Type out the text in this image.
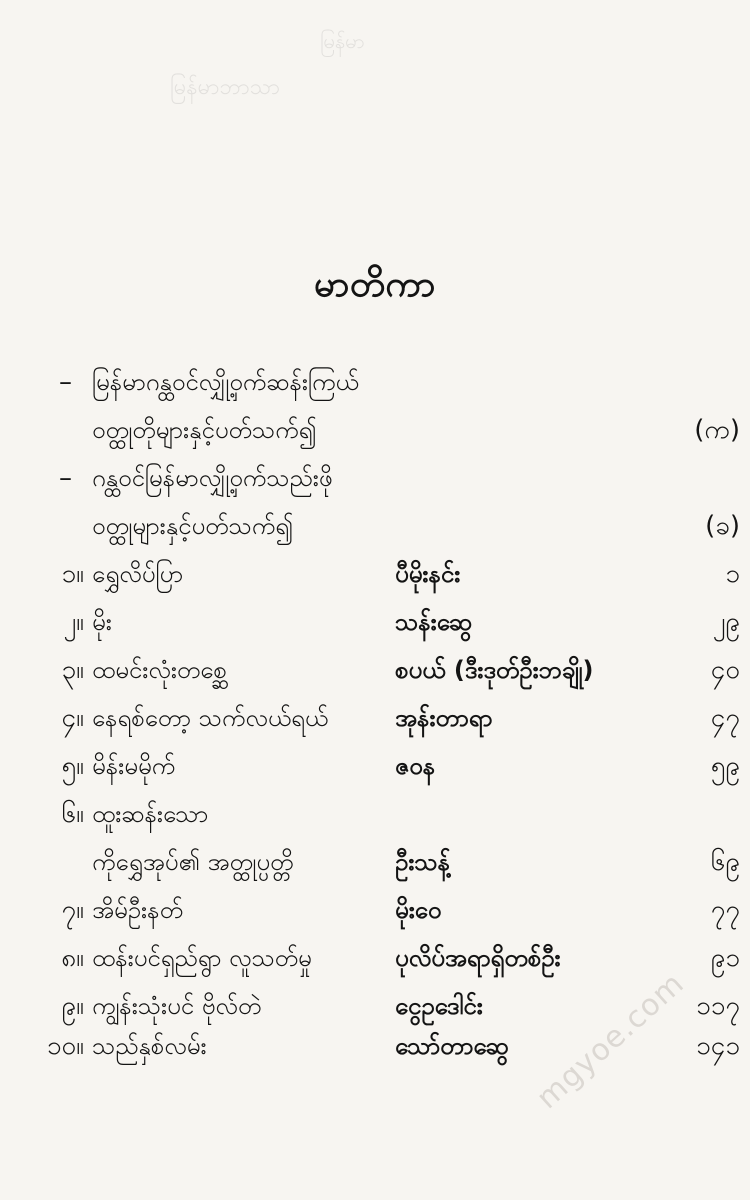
မြန်မာ
မြန်မာဘာသာ
မာတိကာ
– မြန်မာဂန္ထဝင်လျှို့ဝှက်ဆန်းကြယ်
ဝတ္ထုတိုများနှင့်ပတ်သက်၍	(က)
– ဂန္ထဝင်မြန်မာလျှို့ဝှက်သည်းဖို
ဝတ္ထုများနှင့်ပတ်သက်၍	(ခ)
၁။ ရွှေလိပ်ပြာ	ပီမိုးနင်း	၁
၂။ မိုး	သန်းဆွေ	၂၉
၃။ ထမင်းလုံးတစ္ဆေ	စပယ် (ဒီးဒုတ်ဦးဘချို)	၄၀
၄။ နေရစ်တော့ သက်လယ်ရယ်	အုန်းတာရာ	၄၇
၅။ မိန်းမမိုက်	ဇဝန	၅၉
၆။ ထူးဆန်းသော
ကိုရွှေအုပ်၏ အတ္ထုပ္ပတ္တိ	ဦးသန့်	၆၉
၇။ အိမ်ဦးနတ်	မိုးဝေ	၇၇
၈။ ထန်းပင်ရှည်ရွာ လူသတ်မှု	ပုလိပ်အရာရှိတစ်ဦး	၉၁
၉။ ကျွန်းသုံးပင် ဗိုလ်တဲ	ငွေဥဒေါင်း	၁၁၇
၁၀။ သည်နှစ်လမ်း	သော်တာဆွေ	၁၄၁
mgyoe.com
